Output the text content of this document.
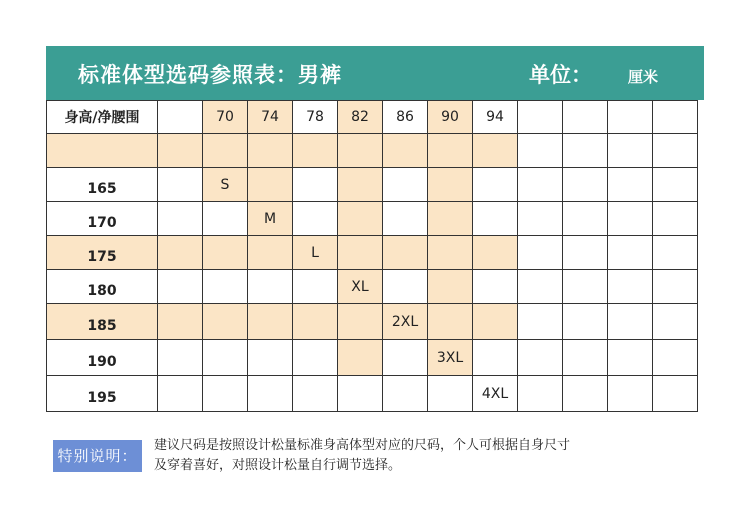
标准体型选码参照表：男裤	单位： 厘米
身高/净腰围		70	74	78	82	86	90	94				

165		S										
170			M									
175				L								
180					XL							
185						2XL						
190							3XL					
195								4XL				
特别说明：
建议尺码是按照设计松量标准身高体型对应的尺码，个人可根据自身尺寸
及穿着喜好，对照设计松量自行调节选择。
